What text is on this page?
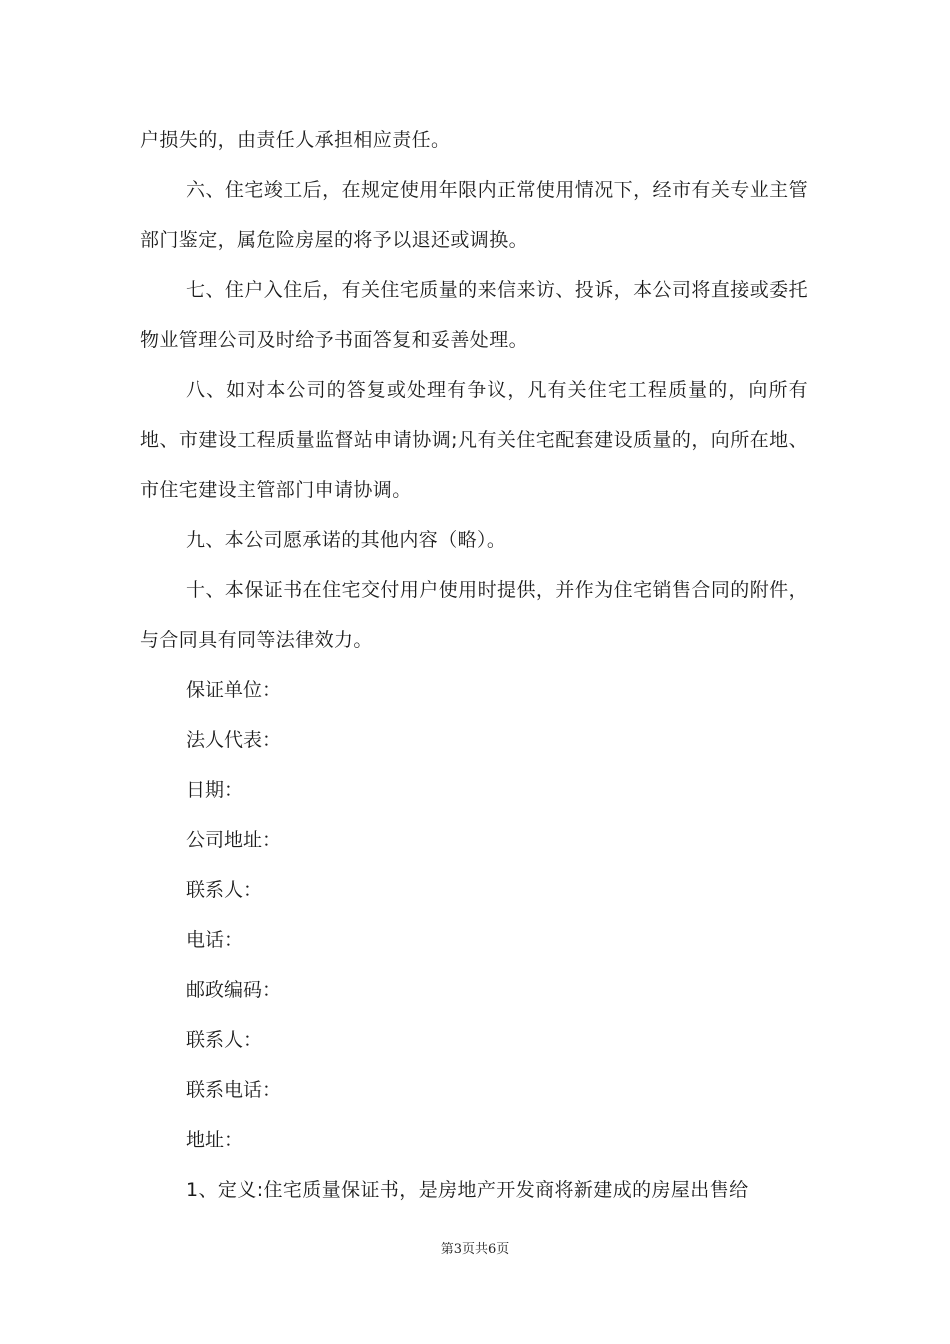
户损失的，由责任人承担相应责任。

六、住宅竣工后，在规定使用年限内正常使用情况下，经市有关专业主管部门鉴定，属危险房屋的将予以退还或调换。

七、住户入住后，有关住宅质量的来信来访、投诉，本公司将直接或委托物业管理公司及时给予书面答复和妥善处理。

八、如对本公司的答复或处理有争议，凡有关住宅工程质量的，向所有地、市建设工程质量监督站申请协调;凡有关住宅配套建设质量的，向所在地、市住宅建设主管部门申请协调。

九、本公司愿承诺的其他内容（略）。

十、本保证书在住宅交付用户使用时提供，并作为住宅销售合同的附件，与合同具有同等法律效力。

保证单位：

法人代表：

日期：

公司地址：

联系人：

电话：

邮政编码：

联系人：

联系电话：

地址：

1、定义:住宅质量保证书，是房地产开发商将新建成的房屋出售给

第3页共6页
